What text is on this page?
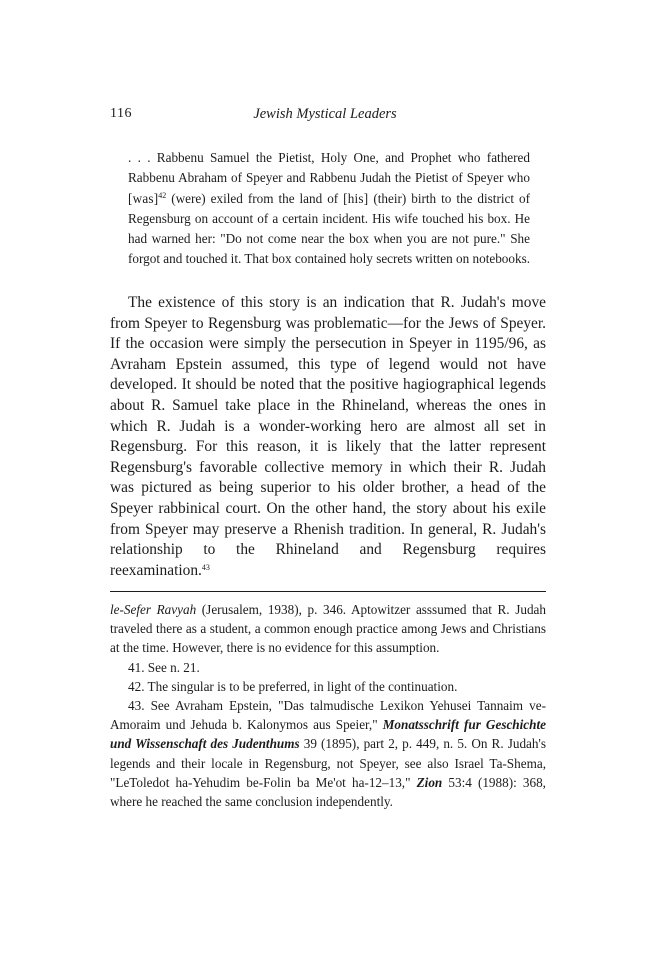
116	Jewish Mystical Leaders
. . . Rabbenu Samuel the Pietist, Holy One, and Prophet who fathered Rabbenu Abraham of Speyer and Rabbenu Judah the Pietist of Speyer who [was]$^{42}$ (were) exiled from the land of [his] (their) birth to the district of Regensburg on account of a certain incident. His wife touched his box. He had warned her: "Do not come near the box when you are not pure." She forgot and touched it. That box contained holy secrets written on notebooks.
The existence of this story is an indication that R. Judah's move from Speyer to Regensburg was problematic—for the Jews of Speyer. If the occasion were simply the persecution in Speyer in 1195/96, as Avraham Epstein assumed, this type of legend would not have developed. It should be noted that the positive hagiographical legends about R. Samuel take place in the Rhineland, whereas the ones in which R. Judah is a wonder-working hero are almost all set in Regensburg. For this reason, it is likely that the latter represent Regensburg's favorable collective memory in which their R. Judah was pictured as being superior to his older brother, a head of the Speyer rabbinical court. On the other hand, the story about his exile from Speyer may preserve a Rhenish tradition. In general, R. Judah's relationship to the Rhineland and Regensburg requires reexamination.$^{43}$

le-Sefer Ravyah (Jerusalem, 1938), p. 346. Aptowitzer asssumed that R. Judah traveled there as a student, a common enough practice among Jews and Christians at the time. However, there is no evidence for this assumption.

41. See n. 21.

42. The singular is to be preferred, in light of the continuation.

43. See Avraham Epstein, "Das talmudische Lexikon Yehusei Tannaim ve-Amoraim und Jehuda b. Kalonymos aus Speier," Monatsschrift fur Geschichte und Wissenschaft des Judenthums 39 (1895), part 2, p. 449, n. 5. On R. Judah's legends and their locale in Regensburg, not Speyer, see also Israel Ta-Shema, "LeToledot ha-Yehudim be-Folin ba Me'ot ha-12–13," Zion 53:4 (1988): 368, where he reached the same conclusion independently.
